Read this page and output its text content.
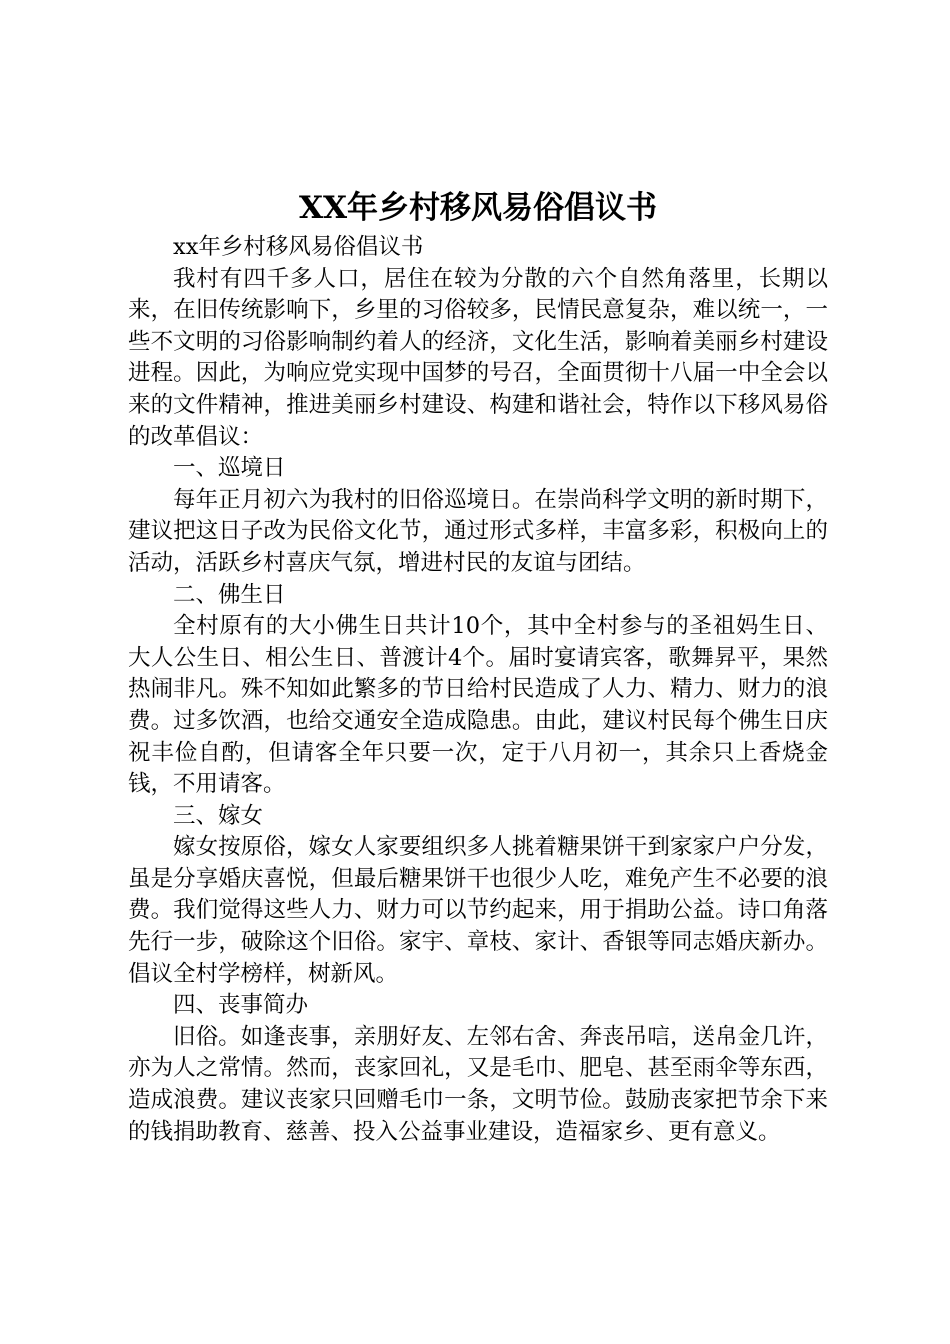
XX年乡村移风易俗倡议书

xx年乡村移风易俗倡议书

我村有四千多人口，居住在较为分散的六个自然角落里，长期以来，在旧传统影响下，乡里的习俗较多，民情民意复杂，难以统一，一些不文明的习俗影响制约着人的经济，文化生活，影响着美丽乡村建设进程。因此，为响应党实现中国梦的号召，全面贯彻十八届一中全会以来的文件精神，推进美丽乡村建设、构建和谐社会，特作以下移风易俗的改革倡议：

一、巡境日

每年正月初六为我村的旧俗巡境日。在崇尚科学文明的新时期下，建议把这日子改为民俗文化节，通过形式多样，丰富多彩，积极向上的活动，活跃乡村喜庆气氛，增进村民的友谊与团结。

二、佛生日

全村原有的大小佛生日共计10个，其中全村参与的圣祖妈生日、大人公生日、相公生日、普渡计4个。届时宴请宾客，歌舞昇平，果然热闹非凡。殊不知如此繁多的节日给村民造成了人力、精力、财力的浪费。过多饮酒，也给交通安全造成隐患。由此，建议村民每个佛生日庆祝丰俭自酌，但请客全年只要一次，定于八月初一，其余只上香烧金钱，不用请客。

三、嫁女

嫁女按原俗，嫁女人家要组织多人挑着糖果饼干到家家户户分发，虽是分享婚庆喜悦，但最后糖果饼干也很少人吃，难免产生不必要的浪费。我们觉得这些人力、财力可以节约起来，用于捐助公益。诗口角落先行一步，破除这个旧俗。家宇、章枝、家计、香银等同志婚庆新办。倡议全村学榜样，树新风。

四、丧事简办

旧俗。如逢丧事，亲朋好友、左邻右舍、奔丧吊唁，送帛金几许，亦为人之常情。然而，丧家回礼，又是毛巾、肥皂、甚至雨伞等东西，造成浪费。建议丧家只回赠毛巾一条，文明节俭。鼓励丧家把节余下来的钱捐助教育、慈善、投入公益事业建设，造福家乡、更有意义。
